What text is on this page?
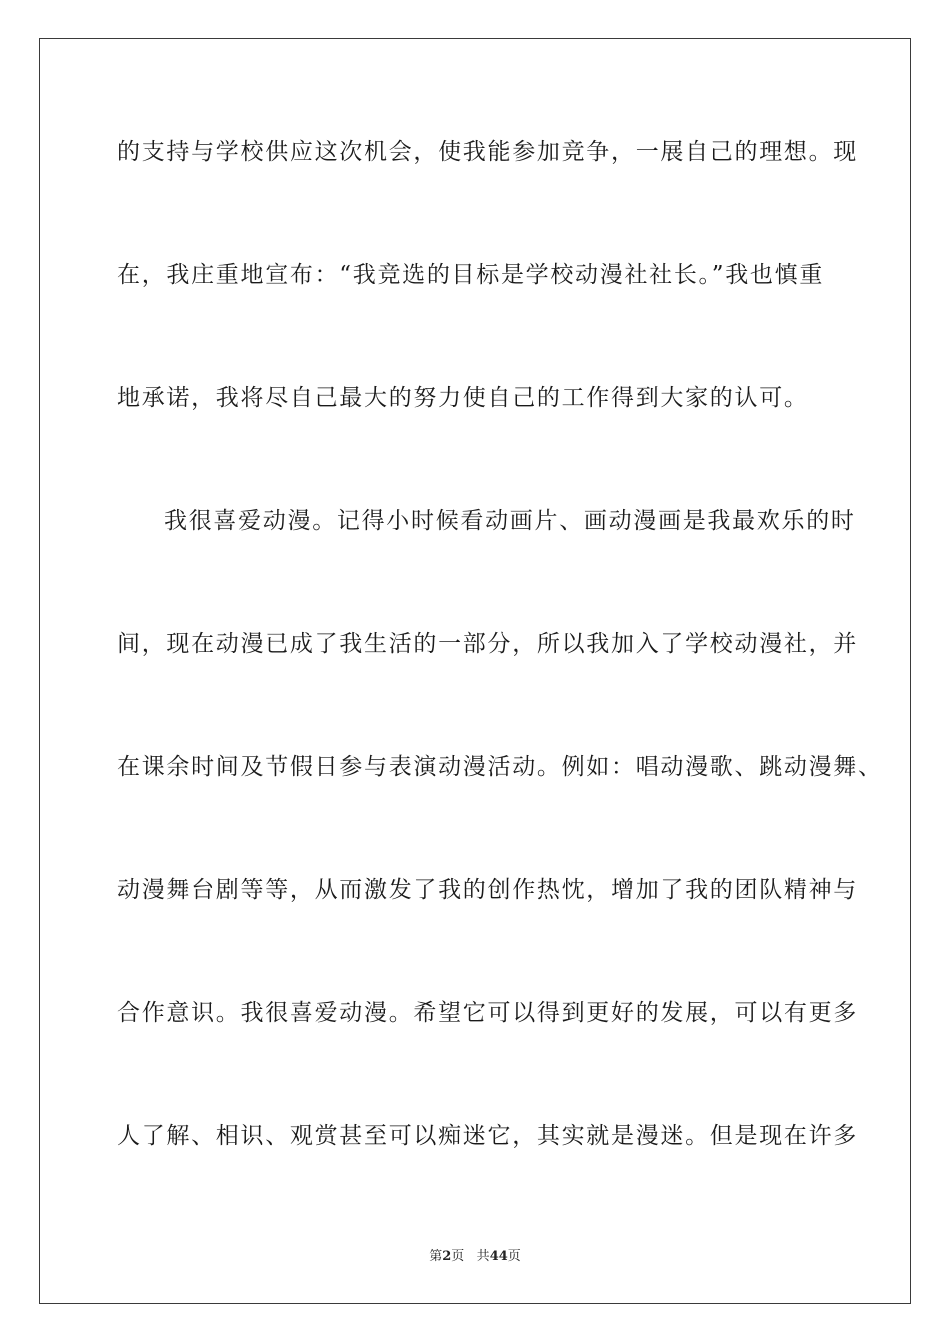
的支持与学校供应这次机会，使我能参加竞争，一展自己的理想。现
在，我庄重地宣布：“我竞选的目标是学校动漫社社长。”我也慎重
地承诺，我将尽自己最大的努力使自己的工作得到大家的认可。
我很喜爱动漫。记得小时候看动画片、画动漫画是我最欢乐的时
间，现在动漫已成了我生活的一部分，所以我加入了学校动漫社，并
在课余时间及节假日参与表演动漫活动。例如：唱动漫歌、跳动漫舞、
动漫舞台剧等等，从而激发了我的创作热忱，增加了我的团队精神与
合作意识。我很喜爱动漫。希望它可以得到更好的发展，可以有更多
人了解、相识、观赏甚至可以痴迷它，其实就是漫迷。但是现在许多
第2页 共44页
